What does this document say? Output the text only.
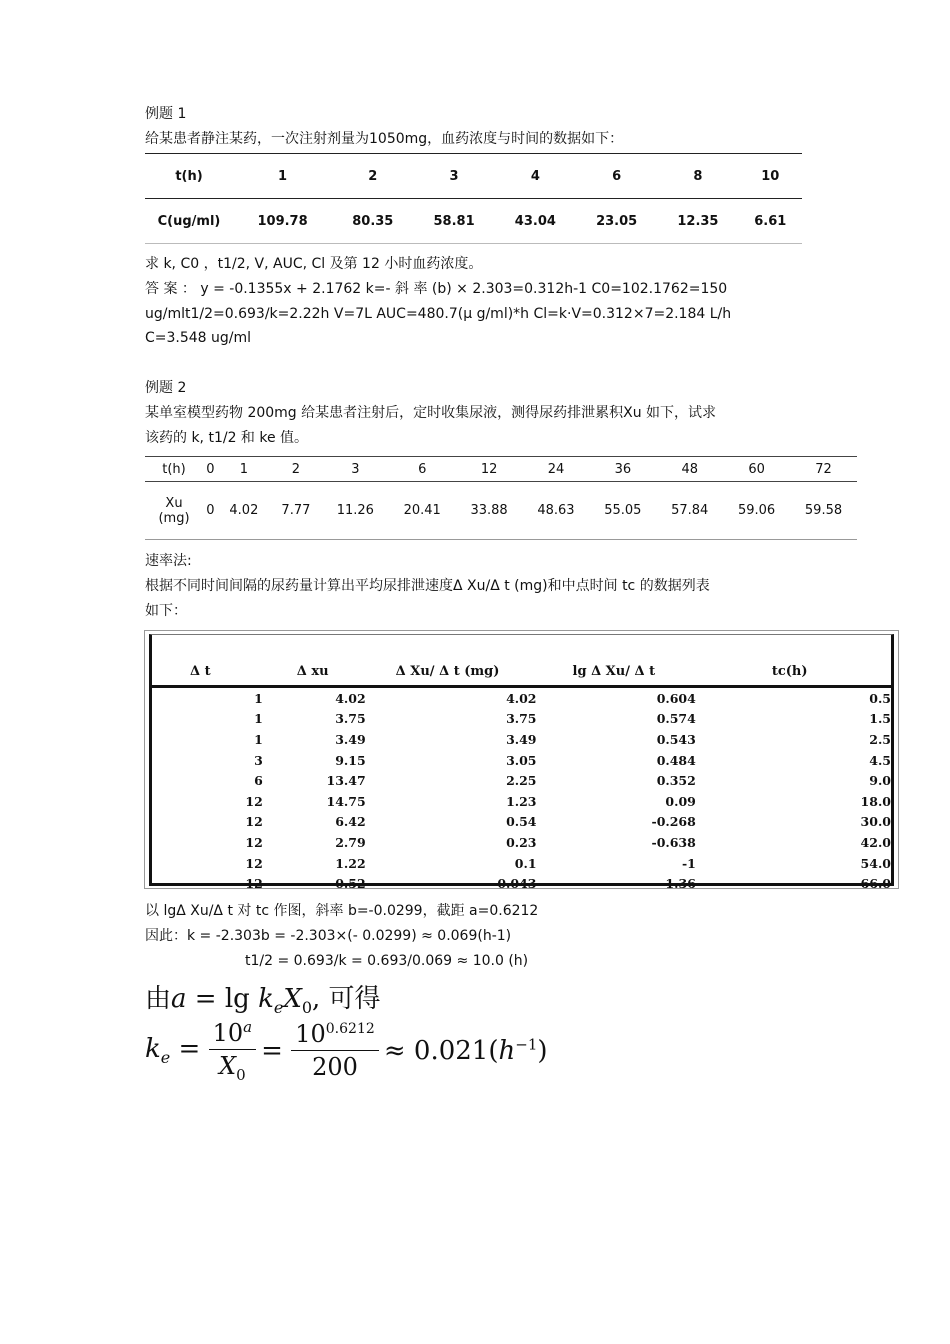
例题 1
给某患者静注某药，一次注射剂量为1050mg，血药浓度与时间的数据如下：
t(h)	1	2	3	4	6	8	10
C(ug/ml)	109.78	80.35	58.81	43.04	23.05	12.35	6.61
求 k, C0 ，t1/2, V, AUC, Cl 及第 12 小时血药浓度。
答 案 ： y = -0.1355x + 2.1762 k=- 斜 率 (b) × 2.303=0.312h-1 C0=102.1762=150
ug/mlt1/2=0.693/k=2.22h V=7L AUC=480.7(μ g/ml)*h Cl=k·V=0.312×7=2.184 L/h
C=3.548 ug/ml
例题 2
某单室模型药物 200mg 给某患者注射后，定时收集尿液，测得尿药排泄累积Xu 如下，试求
该药的 k, t1/2 和 ke 值。
t(h)	0	1	2	3	6	12	24	36	48	60	72
Xu
(mg)	0	4.02	7.77	11.26	20.41	33.88	48.63	55.05	57.84	59.06	59.58
速率法:
根据不同时间间隔的尿药量计算出平均尿排泄速度Δ Xu/Δ t (mg)和中点时间 tc 的数据列表
如下：
Δ t	Δ xu	Δ Xu/ Δ t (mg)	lg Δ Xu/ Δ t	tc(h)
1	4.02	4.02	0.604	0.5
1	3.75	3.75	0.574	1.5
1	3.49	3.49	0.543	2.5
3	9.15	3.05	0.484	4.5
6	13.47	2.25	0.352	9.0
12	14.75	1.23	0.09	18.0
12	6.42	0.54	-0.268	30.0
12	2.79	0.23	-0.638	42.0
12	1.22	0.1	-1	54.0
12	0.52	0.043	-1.36	66.0
以 lgΔ Xu/Δ t 对 tc 作图，斜率 b=-0.0299，截距 a=0.6212
因此：k = -2.303b = -2.303×(- 0.0299) ≈ 0.069(h-1)
t1/2 = 0.693/k = 0.693/0.069 ≈ 10.0 (h)
由$a = \lg k_eX_0$, 可得
$k_e = \frac{10^a}{X_0} = \frac{10^{0.6212}}{200} \approx 0.021(h^{-1})$
